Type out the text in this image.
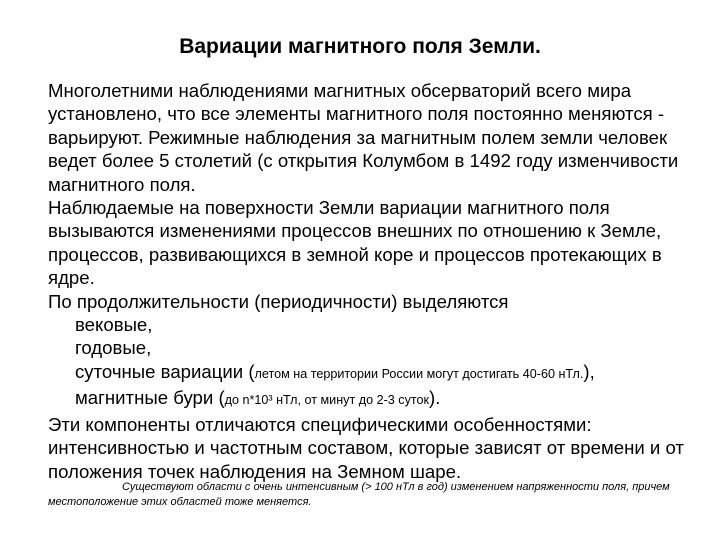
Вариации магнитного поля Земли.

Многолетними наблюдениями магнитных обсерваторий всего мира установлено, что все элементы магнитного поля постоянно меняются - варьируют. Режимные наблюдения за магнитным полем земли человек ведет более 5 столетий (с открытия Колумбом в 1492 году изменчивости магнитного поля.

Наблюдаемые на поверхности Земли вариации магнитного поля вызываются изменениями процессов внешних по отношению к Земле, процессов, развивающихся в земной коре и процессов протекающих в ядре.

По продолжительности (периодичности) выделяются

вековые,
годовые,
суточные вариации (летом на территории России могут достигать 40-60 нТл.),
магнитные бури (до n*10³ нТл, от минут до 2-3 суток).

Эти компоненты отличаются специфическими особенностями: интенсивностью и частотным составом, которые зависят от времени и от положения точек наблюдения на Земном шаре.

Существуют области с очень интенсивным (> 100 нТл в год) изменением напряженности поля, причем местоположение этих областей тоже меняется.
